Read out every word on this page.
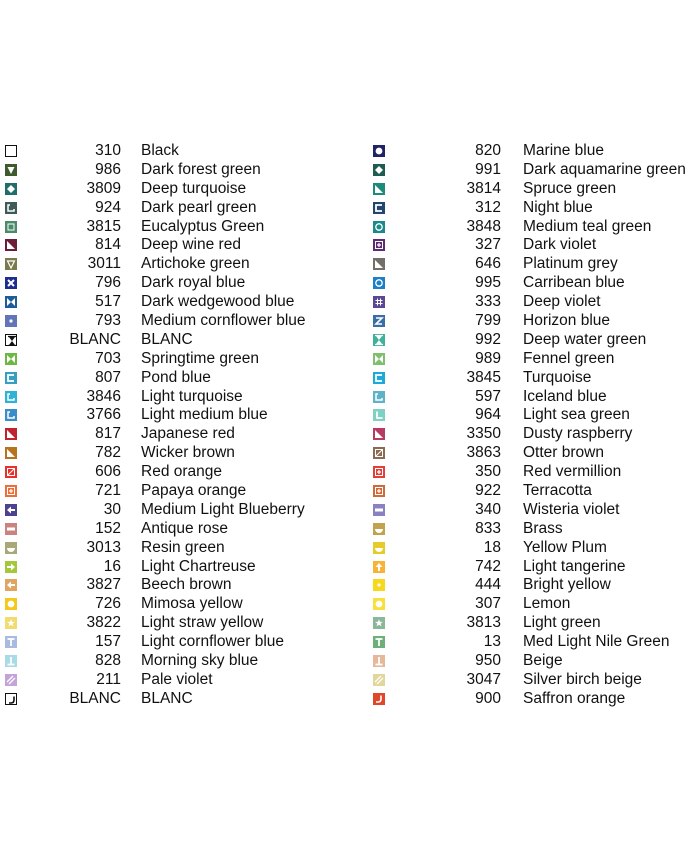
310 Black
986 Dark forest green
3809 Deep turquoise
924 Dark pearl green
3815 Eucalyptus Green
814 Deep wine red
3011 Artichoke green
796 Dark royal blue
517 Dark wedgewood blue
793 Medium cornflower blue
BLANC BLANC
703 Springtime green
807 Pond blue
3846 Light turquoise
3766 Light medium blue
817 Japanese red
782 Wicker brown
606 Red orange
721 Papaya orange
30 Medium Light Blueberry
152 Antique rose
3013 Resin green
16 Light Chartreuse
3827 Beech brown
726 Mimosa yellow
3822 Light straw yellow
157 Light cornflower blue
828 Morning sky blue
211 Pale violet
BLANC BLANC
820 Marine blue
991 Dark aquamarine green
3814 Spruce green
312 Night blue
3848 Medium teal green
327 Dark violet
646 Platinum grey
995 Carribean blue
333 Deep violet
799 Horizon blue
992 Deep water green
989 Fennel green
3845 Turquoise
597 Iceland blue
964 Light sea green
3350 Dusty raspberry
3863 Otter brown
350 Red vermillion
922 Terracotta
340 Wisteria violet
833 Brass
18 Yellow Plum
742 Light tangerine
444 Bright yellow
307 Lemon
3813 Light green
13 Med Light Nile Green
950 Beige
3047 Silver birch beige
900 Saffron orange
